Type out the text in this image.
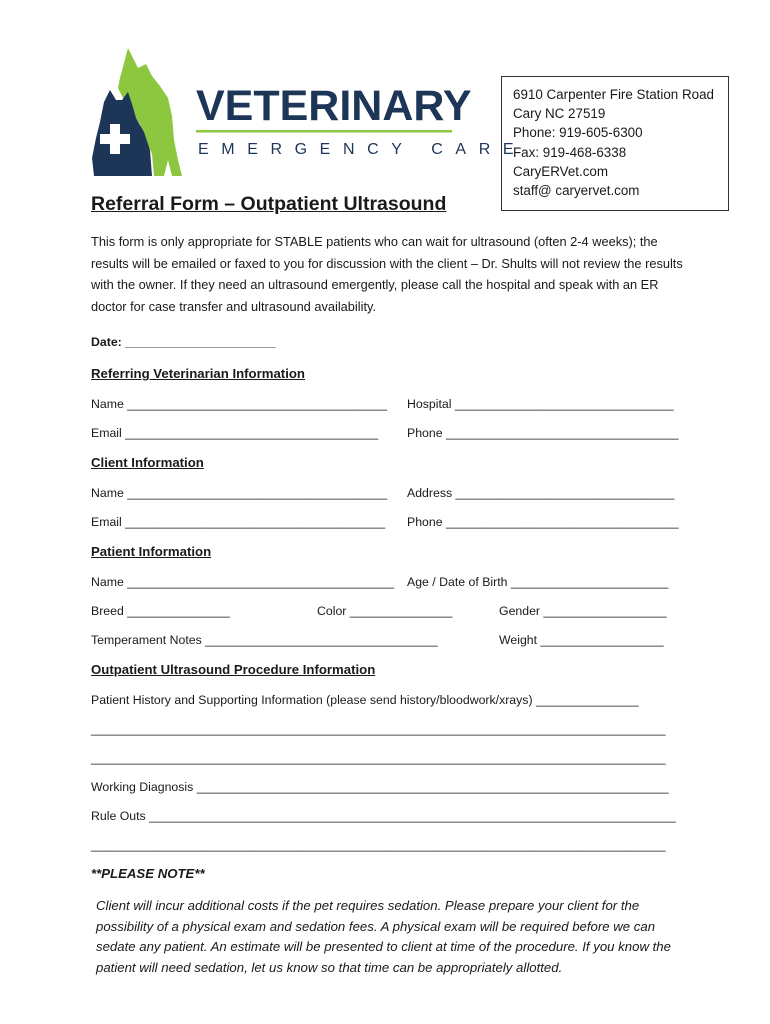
VETERINARY
EMERGENCY CARE
6910 Carpenter Fire Station Road
Cary NC 27519
Phone: 919-605-6300
Fax: 919-468-6338
CaryERVet.com
staff@ caryervet.com
Referral Form – Outpatient Ultrasound
This form is only appropriate for STABLE patients who can wait for ultrasound (often 2-4 weeks); the results will be emailed or faxed to you for discussion with the client – Dr. Shults will not review the results with the owner. If they need an ultrasound emergently, please call the hospital and speak with an ER doctor for case transfer and ultrasound availability.
Date: ______________________
Referring Veterinarian Information
Name ______________________________________ Hospital ________________________________
Email _____________________________________ Phone __________________________________
Client Information
Name ______________________________________ Address ________________________________
Email ______________________________________ Phone __________________________________
Patient Information
Name _______________________________________ Age / Date of Birth _______________________
Breed _______________	Color _______________	Gender __________________
Temperament Notes __________________________________	Weight __________________
Outpatient Ultrasound Procedure Information
Patient History and Supporting Information (please send history/bloodwork/xrays) _______________
____________________________________________________________________________________
____________________________________________________________________________________
Working Diagnosis _____________________________________________________________________
Rule Outs _____________________________________________________________________________
____________________________________________________________________________________
**PLEASE NOTE**
Client will incur additional costs if the pet requires sedation. Please prepare your client for the possibility of a physical exam and sedation fees. A physical exam will be required before we can sedate any patient. An estimate will be presented to client at time of the procedure. If you know the patient will need sedation, let us know so that time can be appropriately allotted.
